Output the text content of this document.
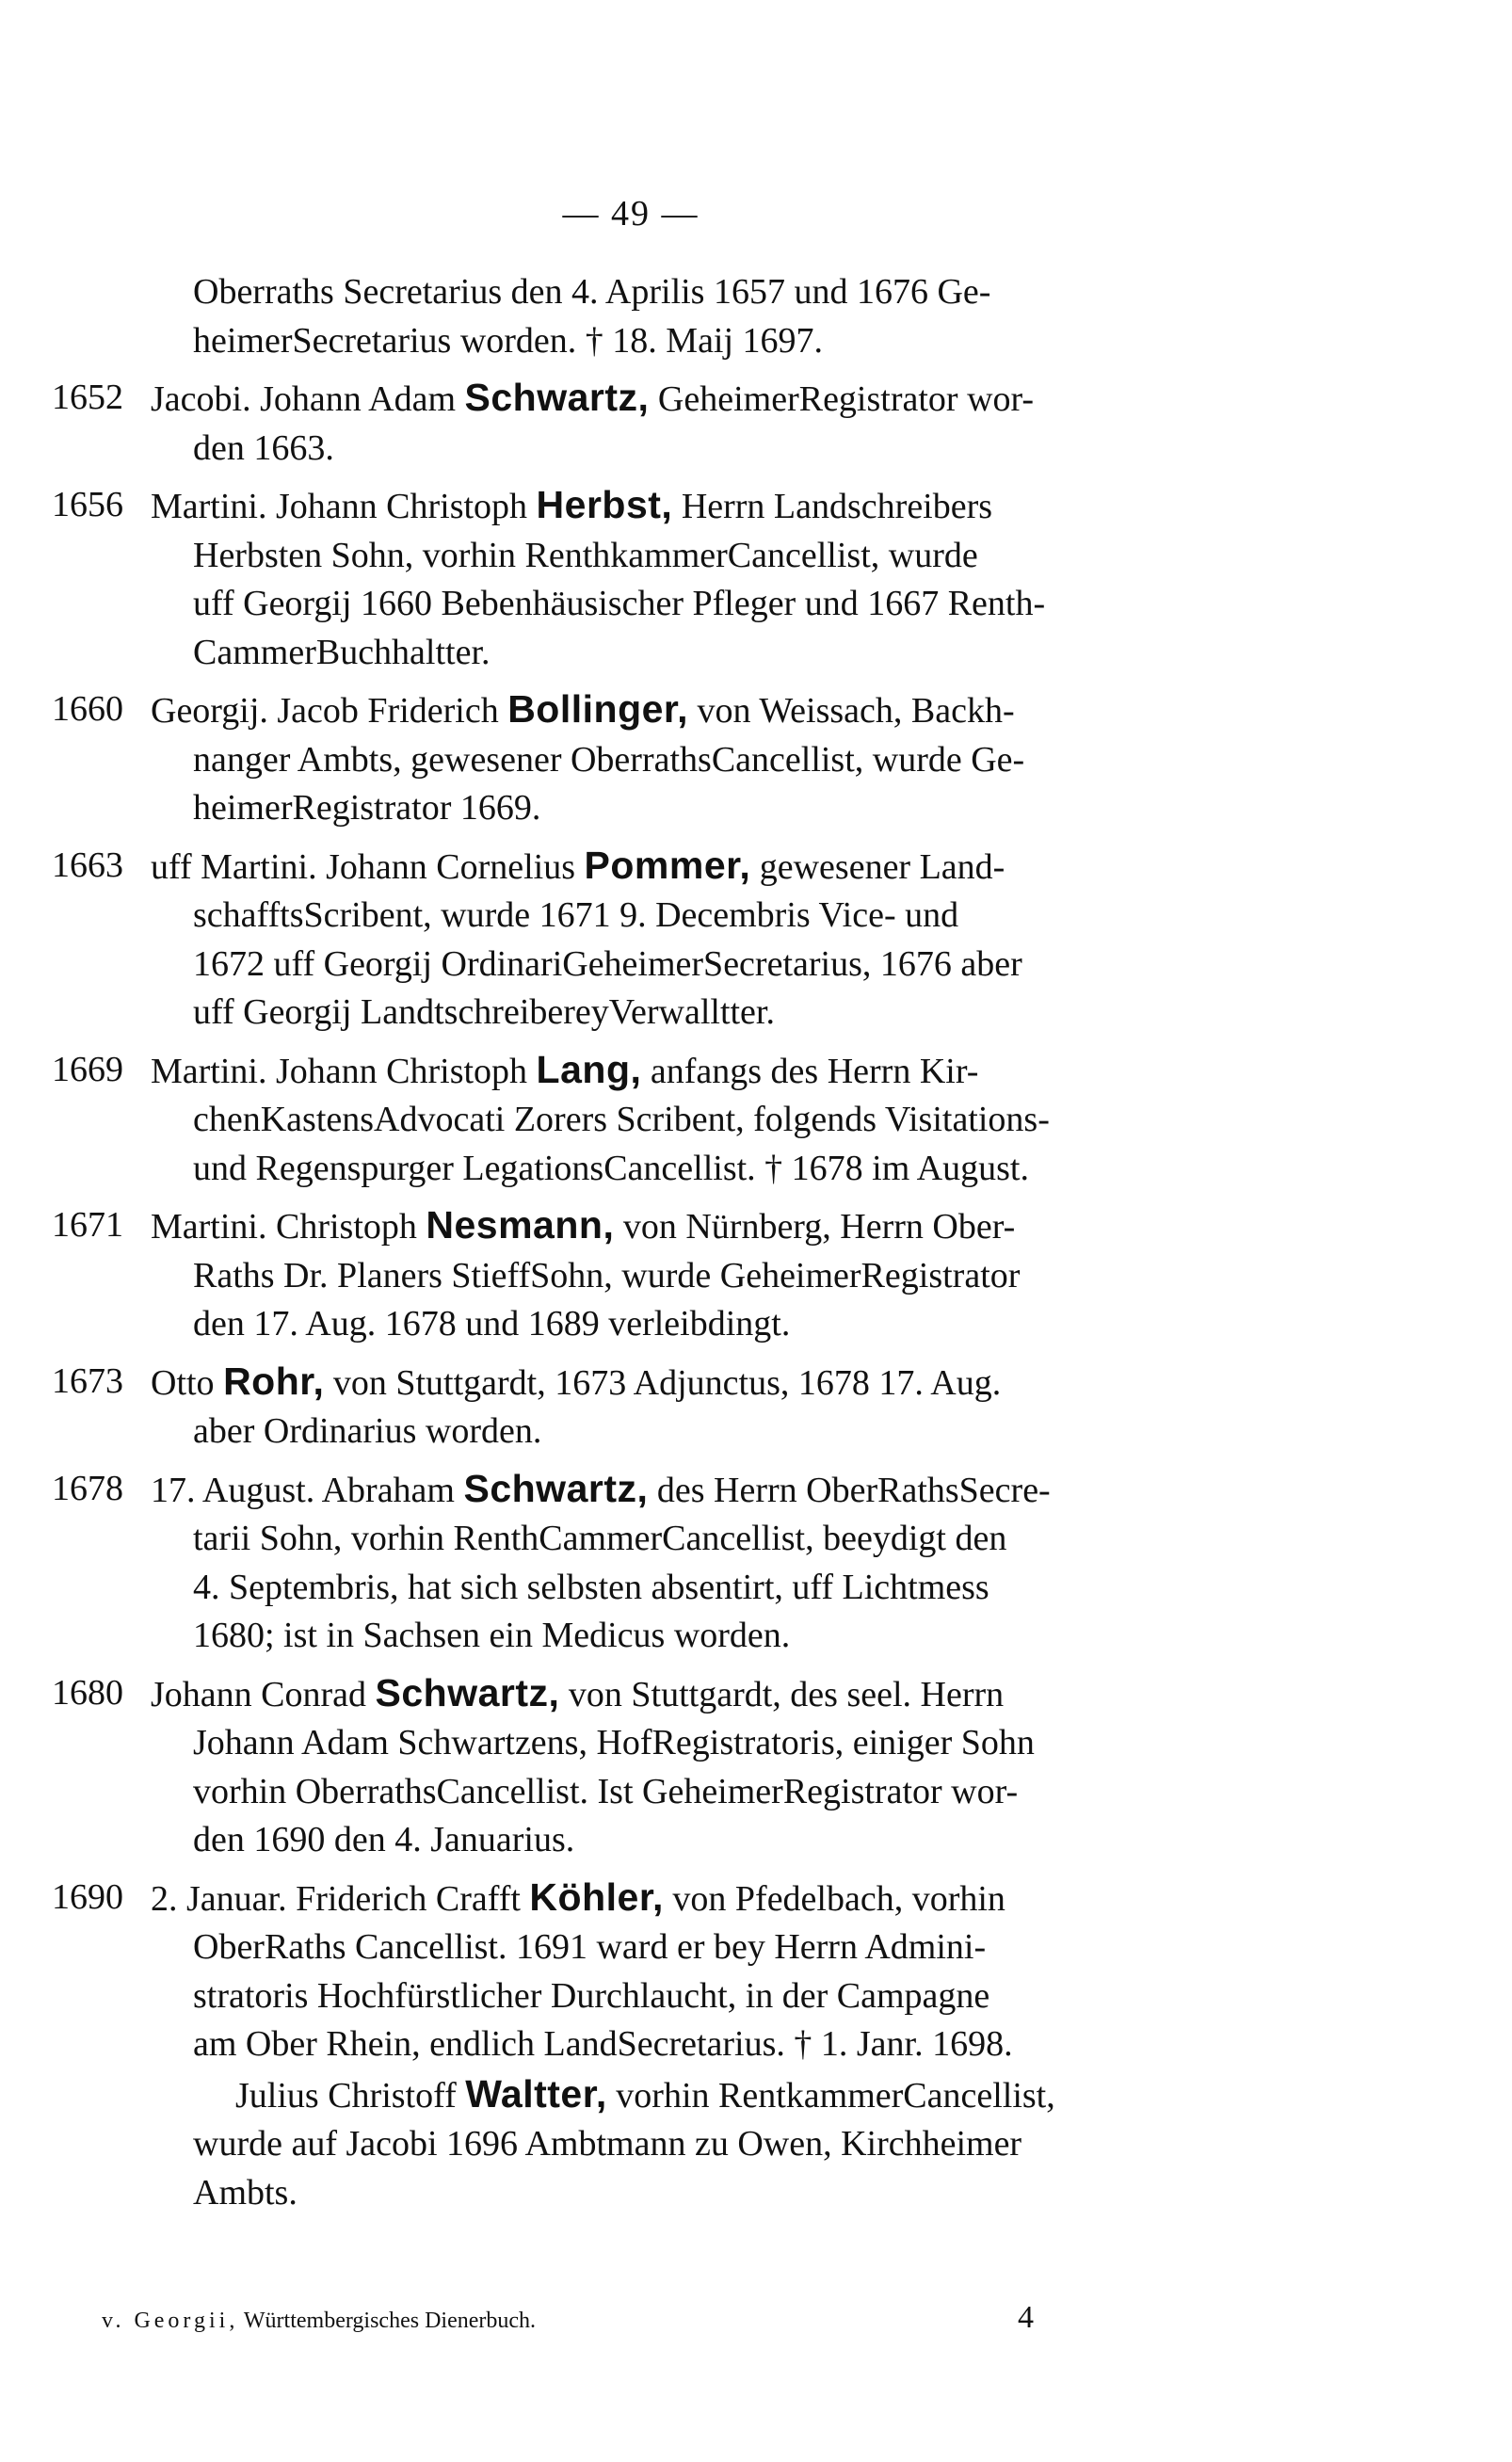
— 49 —
Oberraths Secretarius den 4. Aprilis 1657 und 1676 Ge-
heimerSecretarius worden. † 18. Maij 1697.
1652 Jacobi. Johann Adam Schwartz, GeheimerRegistrator wor-
den 1663.
1656 Martini. Johann Christoph Herbst, Herrn Landschreibers
Herbsten Sohn, vorhin RenthkammerCancellist, wurde
uff Georgij 1660 Bebenhäusischer Pfleger und 1667 Renth-
CammerBuchhaltter.
1660 Georgij. Jacob Friderich Bollinger, von Weissach, Backh-
nanger Ambts, gewesener OberrathsCancellist, wurde Ge-
heimerRegistrator 1669.
1663 uff Martini. Johann Cornelius Pommer, gewesener Land-
schafftsScribent, wurde 1671 9. Decembris Vice- und
1672 uff Georgij OrdinariGeheimerSecretarius, 1676 aber
uff Georgij LandtschreibereyVerwalltter.
1669 Martini. Johann Christoph Lang, anfangs des Herrn Kir-
chenKastensAdvocati Zorers Scribent, folgends Visitations-
und Regenspurger LegationsCancellist. † 1678 im August.
1671 Martini. Christoph Nesmann, von Nürnberg, Herrn Ober-
Raths Dr. Planers StieffSohn, wurde GeheimerRegistrator
den 17. Aug. 1678 und 1689 verleibdingt.
1673 Otto Rohr, von Stuttgardt, 1673 Adjunctus, 1678 17. Aug.
aber Ordinarius worden.
1678 17. August. Abraham Schwartz, des Herrn OberRathsSecre-
tarii Sohn, vorhin RenthCammerCancellist, beeydigt den
4. Septembris, hat sich selbsten absentirt, uff Lichtmess
1680; ist in Sachsen ein Medicus worden.
1680 Johann Conrad Schwartz, von Stuttgardt, des seel. Herrn
Johann Adam Schwartzens, HofRegistratoris, einiger Sohn
vorhin OberrathsCancellist. Ist GeheimerRegistrator wor-
den 1690 den 4. Januarius.
1690 2. Januar. Friderich Crafft Köhler, von Pfedelbach, vorhin
OberRaths Cancellist. 1691 ward er bey Herrn Admini-
stratoris Hochfürstlicher Durchlaucht, in der Campagne
am Ober Rhein, endlich LandSecretarius. † 1. Janr. 1698.
Julius Christoff Waltter, vorhin RentkammerCancellist,
wurde auf Jacobi 1696 Ambtmann zu Owen, Kirchheimer
Ambts.
v. Georgii, Württembergisches Dienerbuch.	4
